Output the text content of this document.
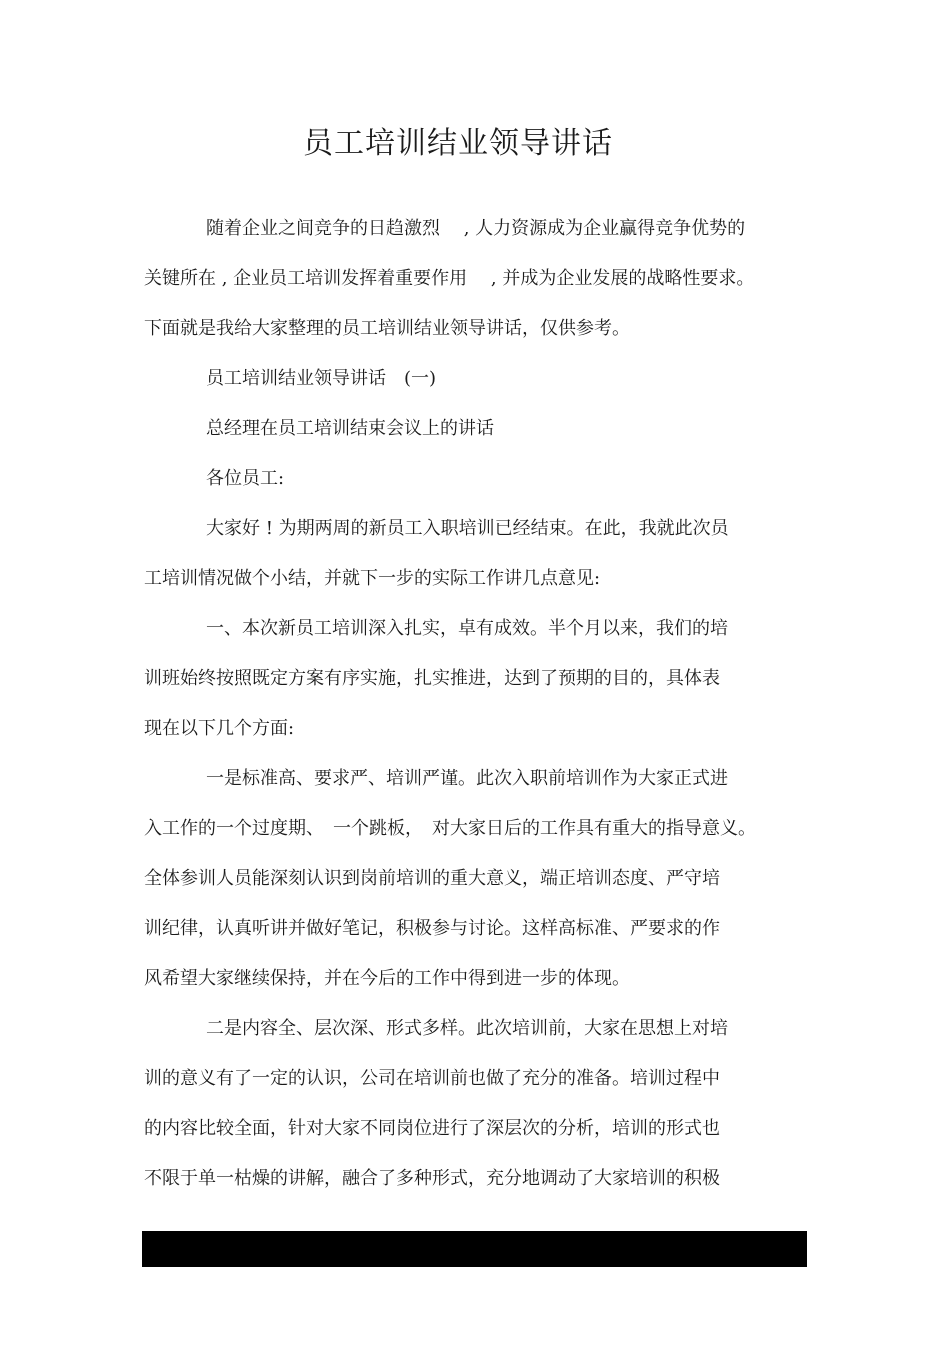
员工培训结业领导讲话
随着企业之间竞争的日趋激烈　 , 人力资源成为企业赢得竞争优势的
关键所在 , 企业员工培训发挥着重要作用　 , 并成为企业发展的战略性要求。
下面就是我给大家整理的员工培训结业领导讲话，仅供参考。
员工培训结业领导讲话　(一)
总经理在员工培训结束会议上的讲话
各位员工:
大家好 ! 为期两周的新员工入职培训已经结束。在此，我就此次员
工培训情况做个小结，并就下一步的实际工作讲几点意见:
一、本次新员工培训深入扎实，卓有成效。半个月以来，我们的培
训班始终按照既定方案有序实施，扎实推进，达到了预期的目的，具体表
现在以下几个方面:
一是标准高、要求严、培训严谨。此次入职前培训作为大家正式进
入工作的一个过度期、　一个跳板，　对大家日后的工作具有重大的指导意义。
全体参训人员能深刻认识到岗前培训的重大意义，端正培训态度、严守培
训纪律，认真听讲并做好笔记，积极参与讨论。这样高标准、严要求的作
风希望大家继续保持，并在今后的工作中得到进一步的体现。
二是内容全、层次深、形式多样。此次培训前，大家在思想上对培
训的意义有了一定的认识，公司在培训前也做了充分的准备。培训过程中
的内容比较全面，针对大家不同岗位进行了深层次的分析，培训的形式也
不限于单一枯燥的讲解，融合了多种形式，充分地调动了大家培训的积极
